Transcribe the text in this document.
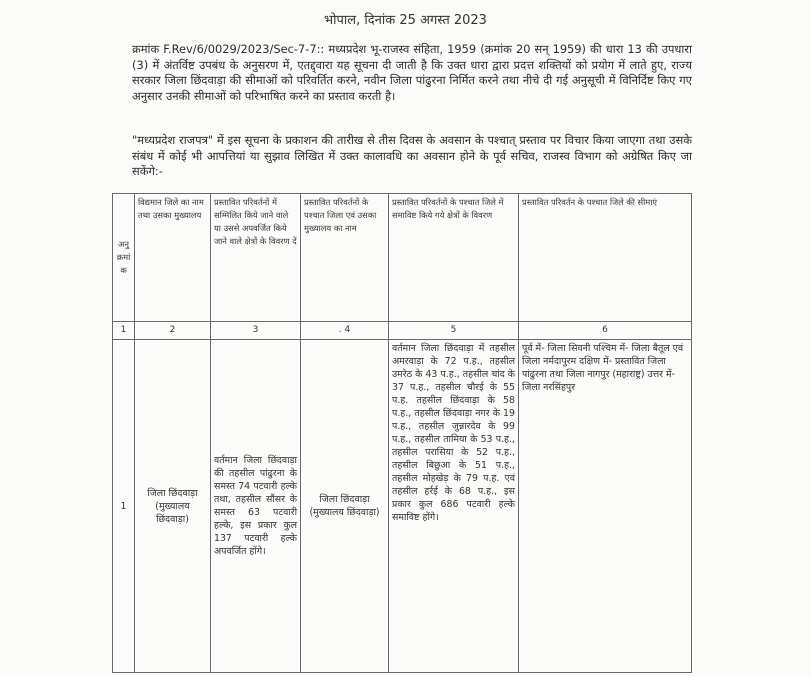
भोपाल, दिनांक 25 अगस्त 2023

क्रमांक F.Rev/6/0029/2023/Sec-7-7:: मध्यप्रदेश भू-राजस्व संहिता, 1959 (क्रमांक 20 सन् 1959) की धारा 13 की उपधारा (3) में अंतर्विष्ट उपबंध के अनुसरण में, एतद्द्वारा यह सूचना दी जाती है कि उक्त धारा द्वारा प्रदत्त शक्तियों को प्रयोग में लाते हुए, राज्य सरकार जिला छिंदवाड़ा की सीमाओं को परिवर्तित करने, नवीन जिला पांढुरना निर्मित करने तथा नीचे दी गई अनुसूची में विनिर्दिष्ट किए गए अनुसार उनकी सीमाओं को परिभाषित करने का प्रस्ताव करती है।

"मध्यप्रदेश राजपत्र" में इस सूचना के प्रकाशन की तारीख से तीस दिवस के अवसान के पश्चात् प्रस्ताव पर विचार किया जाएगा तथा उसके संबंध में कोई भी आपत्तियां या सुझाव लिखित में उक्त कालावधि का अवसान होने के पूर्व सचिव, राजस्व विभाग को अग्रेषित किए जा सकेंगे:-

अनु क्रमां क	विद्यमान जिले का नाम तथा उसका मुख्यालय	प्रस्तावित परिवर्तनों में सम्मिलित किये जाने वाले या उससे अपवर्जित किये जाने वाले क्षेत्रों के विवरण दें	प्रस्तावित परिवर्तनों के पश्चात जिला एवं उसका मुख्यालय का नाम	प्रस्तावित परिवर्तनों के पश्चात जिले में समाविष्ट किये गये क्षेत्रों के विवरण	प्रस्तावित परिवर्तन के पश्चात जिले की सीमाएं
1	2	3	. 4	5	6
1	जिला छिंदवाड़ा (मुख्यालय छिंदवाड़ा)	वर्तमान जिला छिंदवाड़ा की तहसील पांढुरना के समस्त 74 पटवारी हल्के तथा, तहसील सौंसर के समस्त 63 पटवारी हल्के, इस प्रकार कुल 137 पटवारी हल्के अपवर्जित होंगे।	जिला छिंदवाड़ा (मुख्यालय छिंदवाड़ा)	वर्तमान जिला छिंदवाड़ा में तहसील अमरवाड़ा के 72 प.ह., तहसील उमरेठ के 43 प.ह., तहसील चांद के 37 प.ह., तहसील चौरई के 55 प.ह. तहसील छिंदवाड़ा के 58 प.ह., तहसील छिंदवाड़ा नगर के 19 प.ह., तहसील जुन्नारदेव के 99 प.ह., तहसील तामिया के 53 प.ह., तहसील परासिया के 52 प.ह., तहसील बिछुआ के 51 प.ह., तहसील मोहखेड़ के 79 प.ह. एवं तहसील हर्रई के 68 प.ह., इस प्रकार कुल 686 पटवारी हल्के समाविष्ट होंगे।	पूर्व में- जिला सिवनी पश्चिम में- जिला बैतूल एवं जिला नर्मदापुरम दक्षिण में- प्रस्तावित जिला पांढुरना तथा जिला नागपुर (महाराष्ट्र) उत्तर में- जिला नरसिंहपुर
